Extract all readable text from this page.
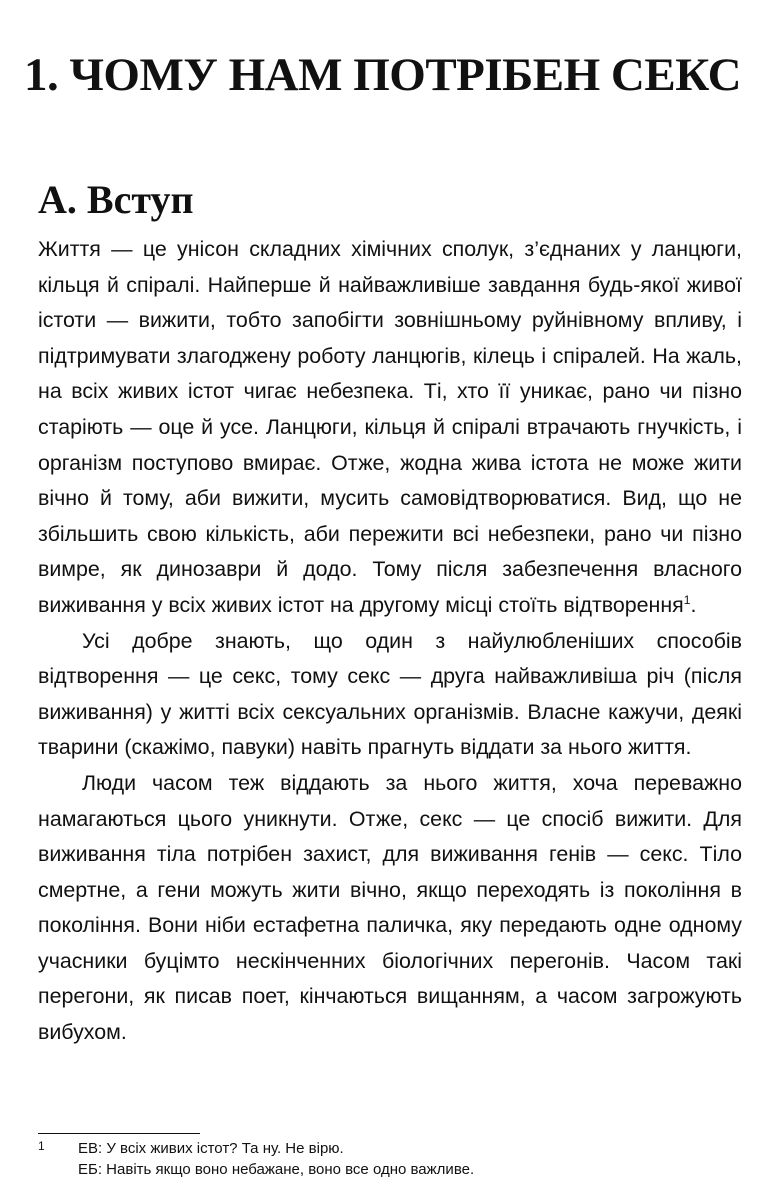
1. ЧОМУ НАМ ПОТРІБЕН СЕКС
А. Вступ

Життя — це унісон складних хімічних сполук, з’єднаних у ланцюги, кільця й спіралі. Найперше й найважливіше завдання будь-якої живої істоти — вижити, тобто запобігти зовнішньому руйнівному впливу, і підтримувати злагоджену роботу ланцюгів, кілець і спіралей. На жаль, на всіх живих істот чигає небезпека. Ті, хто її уникає, рано чи пізно старіють — оце й усе. Ланцюги, кільця й спіралі втрачають гнучкість, і організм поступово вмирає. Отже, жодна жива істота не може жити вічно й тому, аби вижити, мусить самовідтворюватися. Вид, що не збільшить свою кількість, аби пережити всі небезпеки, рано чи пізно вимре, як динозаври й додо. Тому після забезпечення власного виживання у всіх живих істот на другому місці стоїть відтворення$^1$.

Усі добре знають, що один з найулюбленіших способів відтворення — це секс, тому секс — друга найважливіша річ (після виживання) у житті всіх сексуальних організмів. Власне кажучи, деякі тварини (скажімо, павуки) навіть прагнуть віддати за нього життя.

Люди часом теж віддають за нього життя, хоча переважно намагаються цього уникнути. Отже, секс — це спосіб вижити. Для виживання тіла потрібен захист, для виживання генів — секс. Тіло смертне, а гени можуть жити вічно, якщо переходять із покоління в покоління. Вони ніби естафетна паличка, яку передають одне одному учасники буцімто нескінченних біологічних перегонів. Часом такі перегони, як писав поет, кінчаються вищанням, а часом загрожують вибухом.

1	ЕВ: У всіх живих істот? Та ну. Не вірю.
ЕБ: Навіть якщо воно небажане, воно все одно важливе.
